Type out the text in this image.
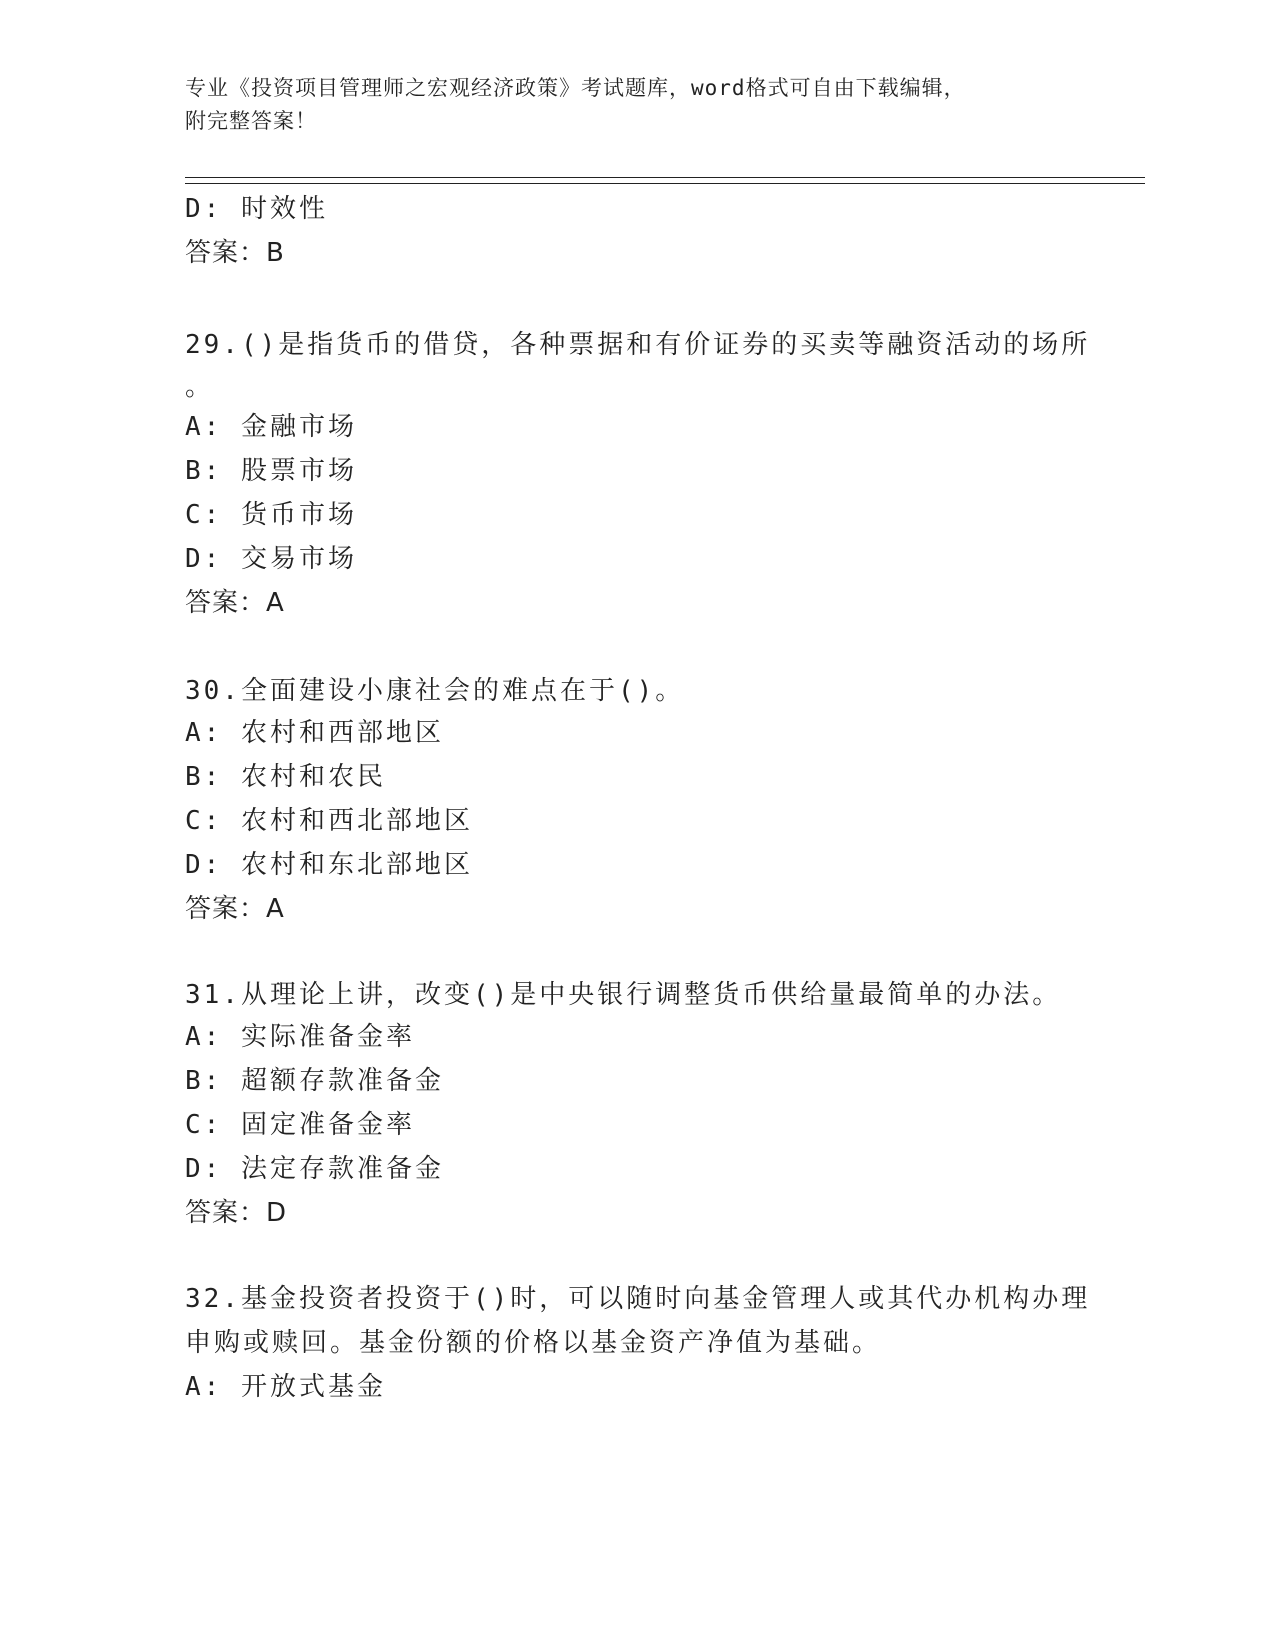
专业《投资项目管理师之宏观经济政策》考试题库，word格式可自由下载编辑，
附完整答案！
D: 时效性
答案：B
29.()是指货币的借贷，各种票据和有价证券的买卖等融资活动的场所
。
A: 金融市场
B: 股票市场
C: 货币市场
D: 交易市场
答案：A
30.全面建设小康社会的难点在于()。
A: 农村和西部地区
B: 农村和农民
C: 农村和西北部地区
D: 农村和东北部地区
答案：A
31.从理论上讲，改变()是中央银行调整货币供给量最简单的办法。
A: 实际准备金率
B: 超额存款准备金
C: 固定准备金率
D: 法定存款准备金
答案：D
32.基金投资者投资于()时，可以随时向基金管理人或其代办机构办理
申购或赎回。基金份额的价格以基金资产净值为基础。
A: 开放式基金
